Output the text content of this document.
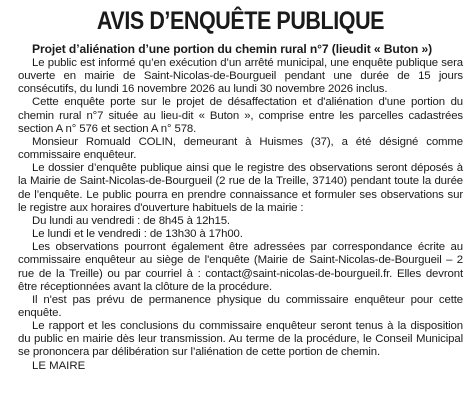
AVIS D’ENQUÊTE PUBLIQUE
Projet d’aliénation d’une portion du chemin rural n°7 (lieudit « Buton »)

Le public est informé qu’en exécution d’un arrêté municipal, une enquête publique sera ouverte en mairie de Saint-Nicolas-de-Bourgueil pendant une durée de 15 jours consécutifs, du lundi 16 novembre 2026 au lundi 30 novembre 2026 inclus.

Cette enquête porte sur le projet de désaffectation et d'aliénation d'une portion du chemin rural n°7 située au lieu-dit « Buton », comprise entre les parcelles cadastrées section A n° 576 et section A n° 578.

Monsieur Romuald COLIN, demeurant à Huismes (37), a été désigné comme commissaire enquêteur.

Le dossier d’enquête publique ainsi que le registre des observations seront déposés à la Mairie de Saint-Nicolas-de-Bourgueil (2 rue de la Treille, 37140) pendant toute la durée de l’enquête. Le public pourra en prendre connaissance et formuler ses observations sur le registre aux horaires d'ouverture habituels de la mairie :

Du lundi au vendredi : de 8h45 à 12h15.

Le lundi et le vendredi : de 13h30 à 17h00.

Les observations pourront également être adressées par correspondance écrite au commissaire enquêteur au siège de l'enquête (Mairie de Saint-Nicolas-de-Bourgueil – 2 rue de la Treille) ou par courriel à : contact@saint-nicolas-de-bourgueil.fr. Elles devront être réceptionnées avant la clôture de la procédure.

Il n'est pas prévu de permanence physique du commissaire enquêteur pour cette enquête.

Le rapport et les conclusions du commissaire enquêteur seront tenus à la disposition du public en mairie dès leur transmission. Au terme de la procédure, le Conseil Municipal se prononcera par délibération sur l’aliénation de cette portion de chemin.

LE MAIRE
